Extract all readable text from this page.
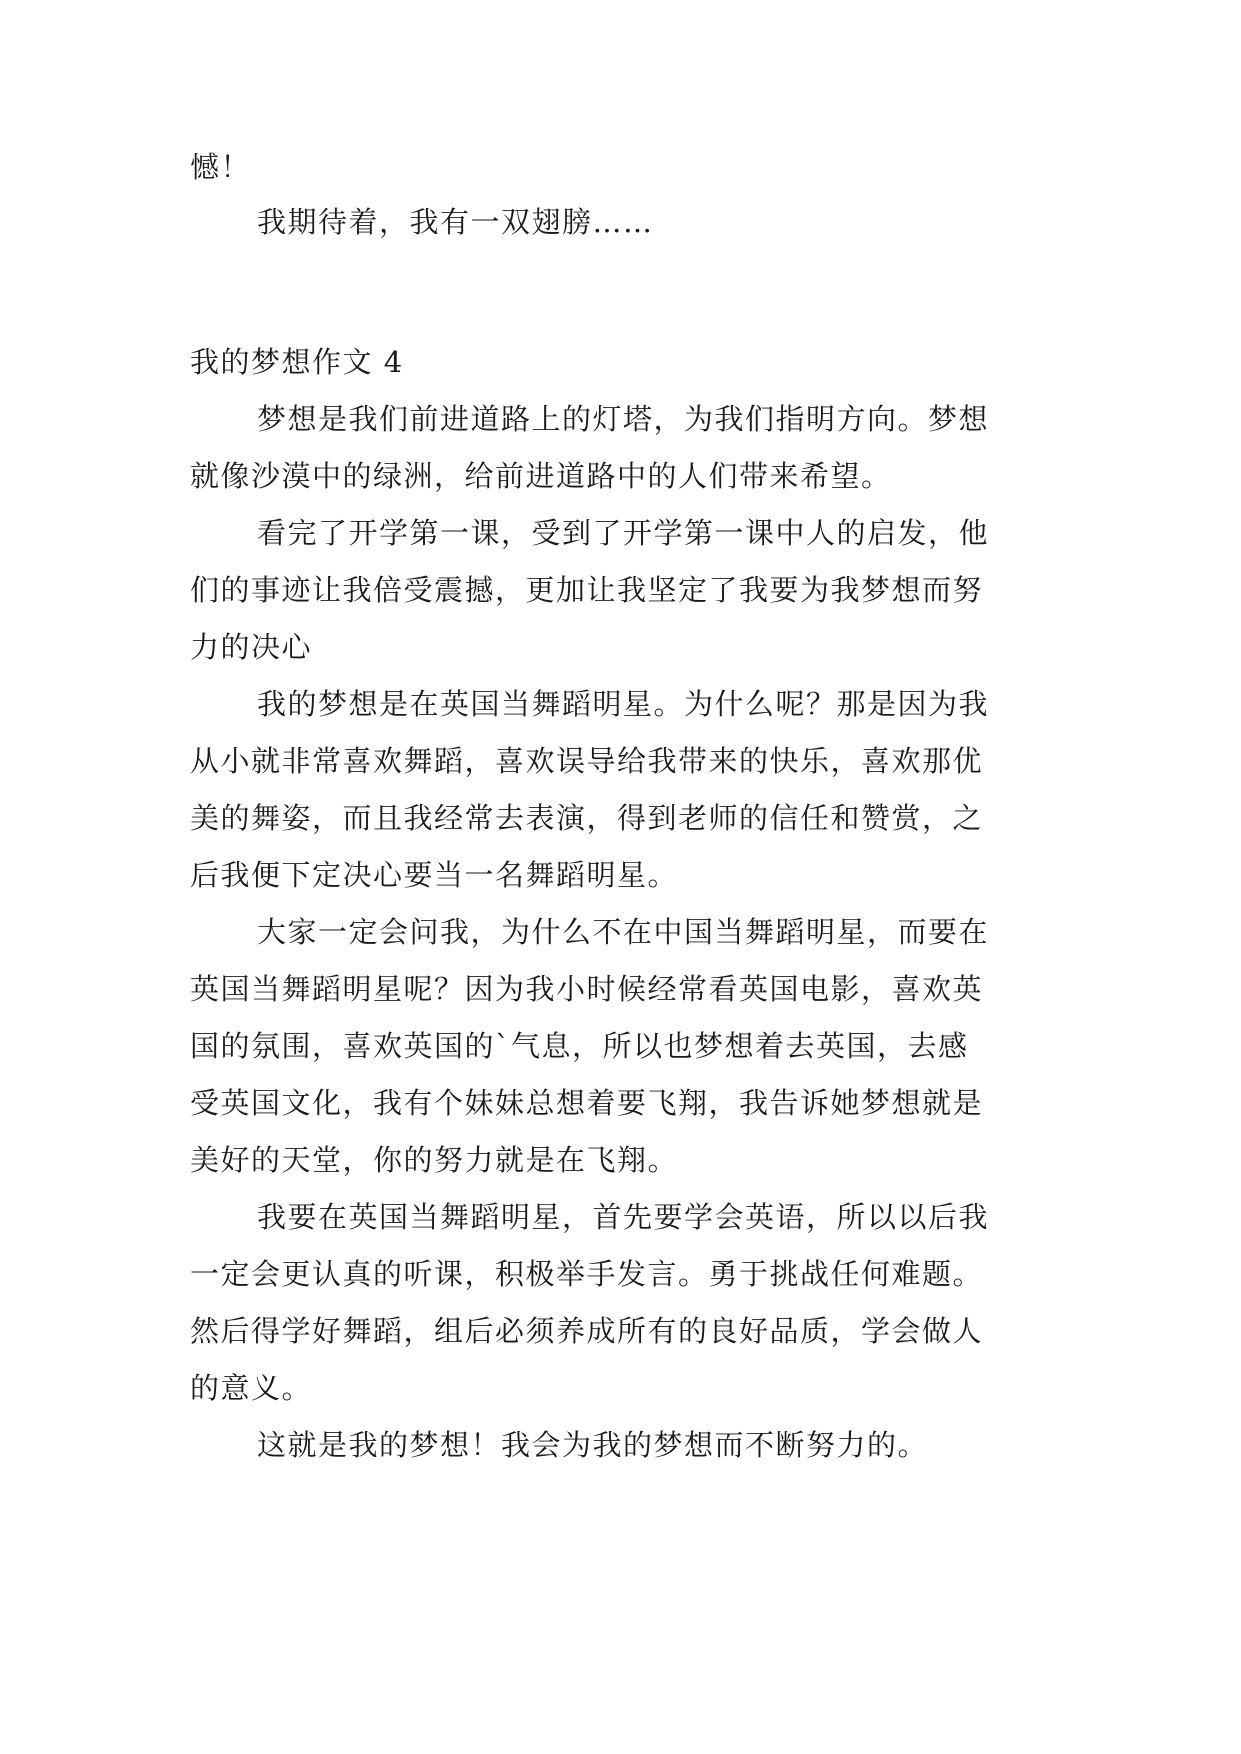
憾！
我期待着，我有一双翅膀……
我的梦想作文 4
梦想是我们前进道路上的灯塔，为我们指明方向。梦想
就像沙漠中的绿洲，给前进道路中的人们带来希望。
看完了开学第一课，受到了开学第一课中人的启发，他
们的事迹让我倍受震撼，更加让我坚定了我要为我梦想而努
力的决心
我的梦想是在英国当舞蹈明星。为什么呢？那是因为我
从小就非常喜欢舞蹈，喜欢误导给我带来的快乐，喜欢那优
美的舞姿，而且我经常去表演，得到老师的信任和赞赏，之
后我便下定决心要当一名舞蹈明星。
大家一定会问我，为什么不在中国当舞蹈明星，而要在
英国当舞蹈明星呢？因为我小时候经常看英国电影，喜欢英
国的氛围，喜欢英国的`气息，所以也梦想着去英国，去感
受英国文化，我有个妹妹总想着要飞翔，我告诉她梦想就是
美好的天堂，你的努力就是在飞翔。
我要在英国当舞蹈明星，首先要学会英语，所以以后我
一定会更认真的听课，积极举手发言。勇于挑战任何难题。
然后得学好舞蹈，组后必须养成所有的良好品质，学会做人
的意义。
这就是我的梦想！我会为我的梦想而不断努力的。
